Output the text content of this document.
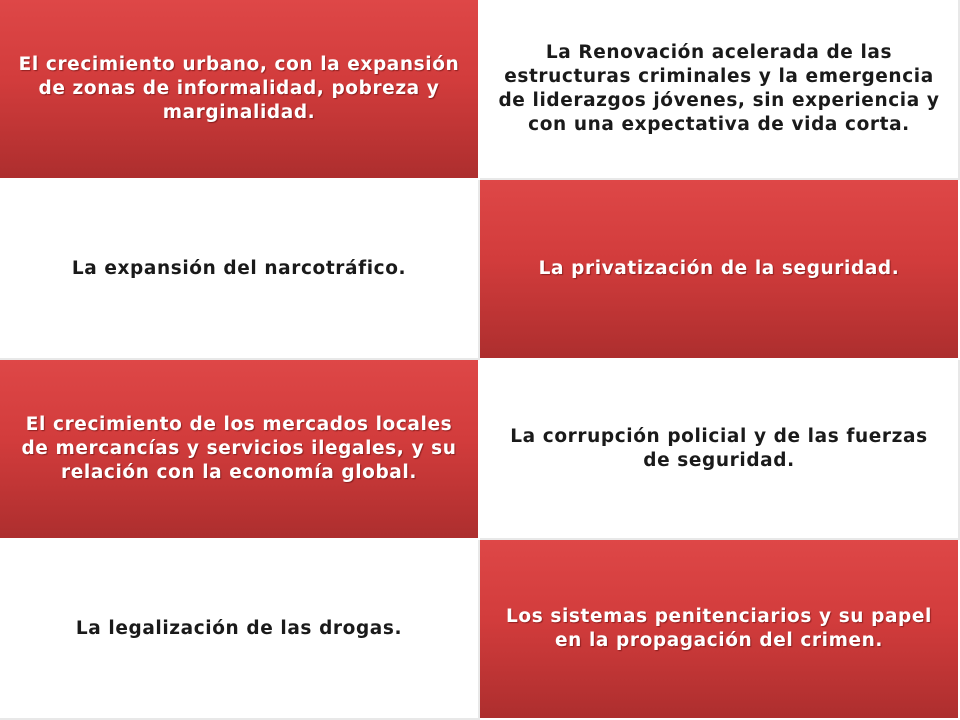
El crecimiento urbano, con la expansión de zonas de informalidad, pobreza y marginalidad.
La Renovación acelerada de las estructuras criminales y la emergencia de liderazgos jóvenes, sin experiencia y con una expectativa de vida corta.
La expansión del narcotráfico.	La privatización de la seguridad.
El crecimiento de los mercados locales de mercancías y servicios ilegales, y su relación con la economía global.
La corrupción policial y de las fuerzas de seguridad.
La legalización de las drogas.
Los sistemas penitenciarios y su papel en la propagación del crimen.
